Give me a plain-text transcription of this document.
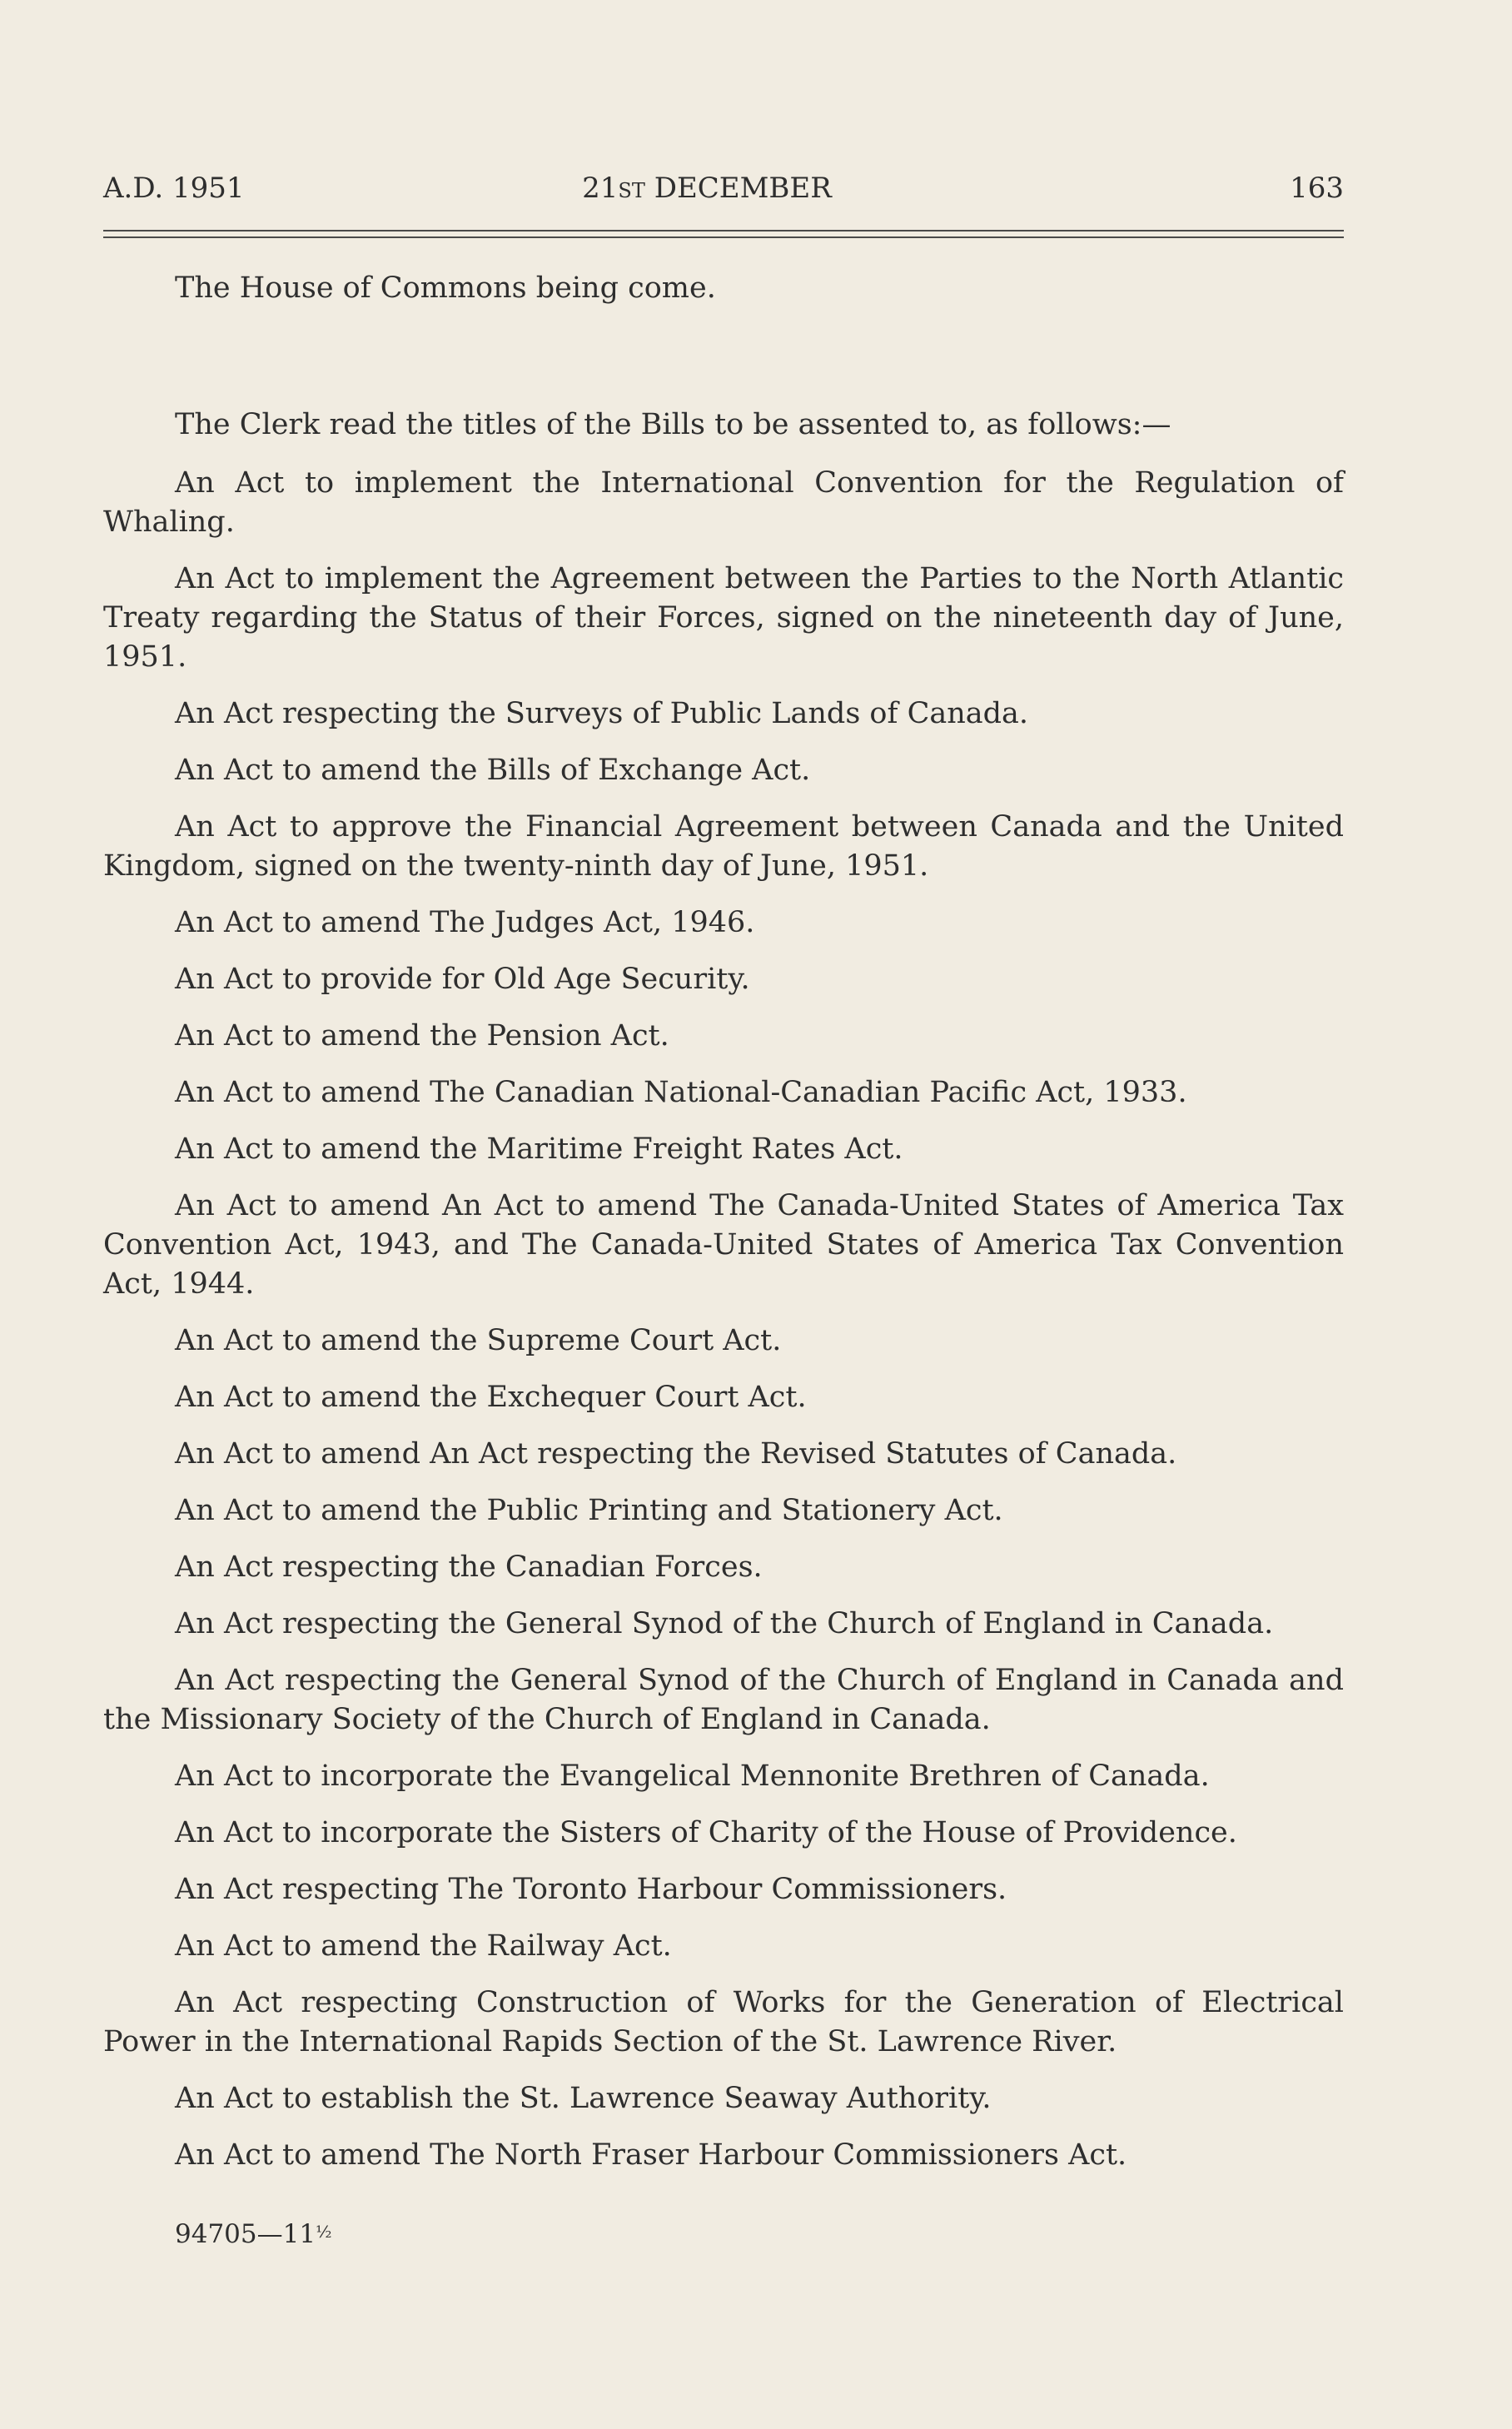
A.D. 1951	21ST DECEMBER	163

The House of Commons being come.

The Clerk read the titles of the Bills to be assented to, as follows:—

An Act to implement the International Convention for the Regulation of Whaling.

An Act to implement the Agreement between the Parties to the North Atlantic Treaty regarding the Status of their Forces, signed on the nineteenth day of June, 1951.

An Act respecting the Surveys of Public Lands of Canada.

An Act to amend the Bills of Exchange Act.

An Act to approve the Financial Agreement between Canada and the United Kingdom, signed on the twenty-ninth day of June, 1951.

An Act to amend The Judges Act, 1946.

An Act to provide for Old Age Security.

An Act to amend the Pension Act.

An Act to amend The Canadian National-Canadian Pacific Act, 1933.

An Act to amend the Maritime Freight Rates Act.

An Act to amend An Act to amend The Canada-United States of America Tax Convention Act, 1943, and The Canada-United States of America Tax Convention Act, 1944.

An Act to amend the Supreme Court Act.

An Act to amend the Exchequer Court Act.

An Act to amend An Act respecting the Revised Statutes of Canada.

An Act to amend the Public Printing and Stationery Act.

An Act respecting the Canadian Forces.

An Act respecting the General Synod of the Church of England in Canada.

An Act respecting the General Synod of the Church of England in Canada and the Missionary Society of the Church of England in Canada.

An Act to incorporate the Evangelical Mennonite Brethren of Canada.

An Act to incorporate the Sisters of Charity of the House of Providence.

An Act respecting The Toronto Harbour Commissioners.

An Act to amend the Railway Act.

An Act respecting Construction of Works for the Generation of Electrical Power in the International Rapids Section of the St. Lawrence River.

An Act to establish the St. Lawrence Seaway Authority.

An Act to amend The North Fraser Harbour Commissioners Act.

94705—11½
